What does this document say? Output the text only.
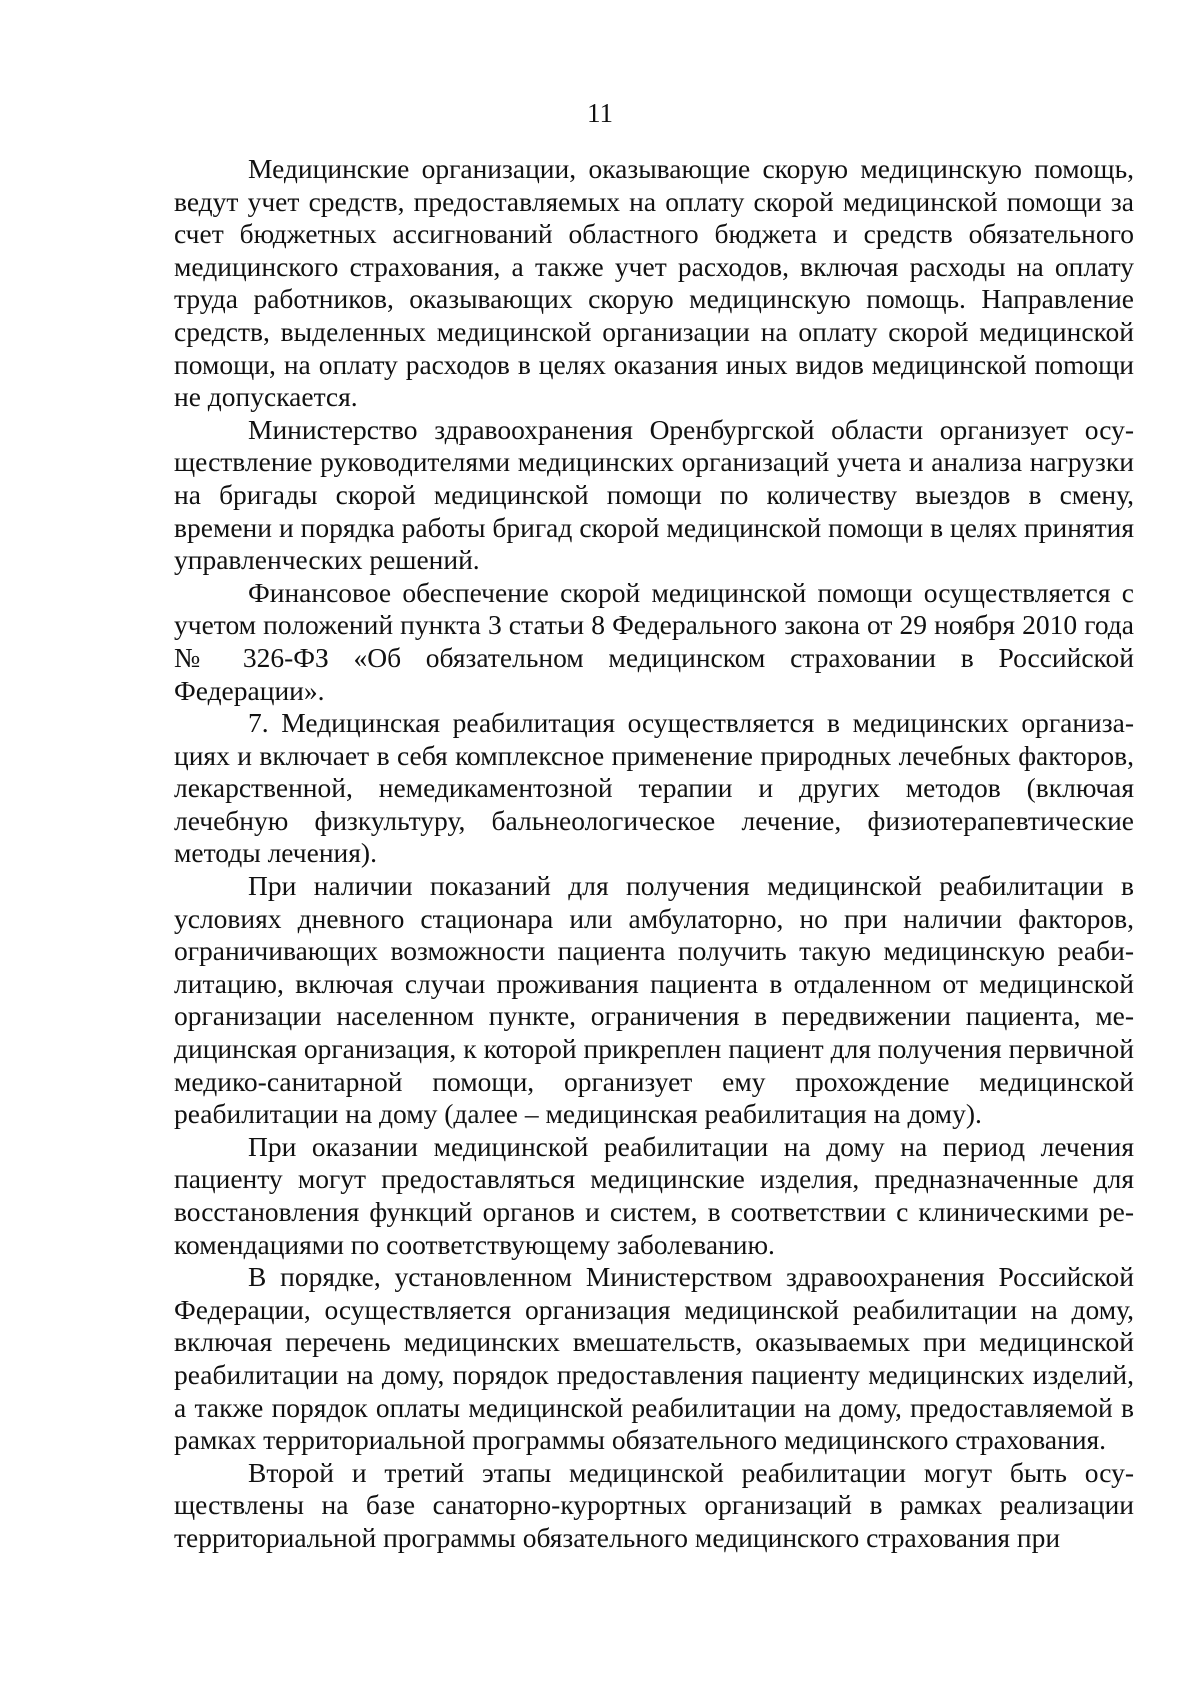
11

Медицинские организации, оказывающие скорую медицинскую помощь, ведут учет средств, предоставляемых на оплату скорой медицинской помощи за счет бюджетных ассигнований областного бюджета и средств обязательного медицинского страхования, а также учет расходов, включая расходы на оплату труда работников, оказывающих скорую медицинскую помощь. Направление средств, выделенных медицинской организации на оплату скорой медицинской помощи, на оплату расходов в целях оказания иных видов медицинской поmощи не допускается.

Министерство здравоохранения Оренбургской области организует осуществление руководителями медицинских организаций учета и анализа нагрузки на бригады скорой медицинской помощи по количеству выездов в смену, времени и порядка работы бригад скорой медицинской помощи в целях принятия управленческих решений.

Финансовое обеспечение скорой медицинской помощи осуществляется с учетом положений пункта 3 статьи 8 Федерального закона от 29 ноября 2010 года № 326-ФЗ «Об обязательном медицинском страховании в Российской Федерации».

7. Медицинская реабилитация осуществляется в медицинских организациях и включает в себя комплексное применение природных лечебных факторов, лекарственной, немедикаментозной терапии и других методов (включая лечебную физкультуру, бальнеологическое лечение, физиотерапевтические методы лечения).

При наличии показаний для получения медицинской реабилитации в условиях дневного стационара или амбулаторно, но при наличии факторов, ограничивающих возможности пациента получить такую медицинскую реабилитацию, включая случаи проживания пациента в отдаленном от медицинской организации населенном пункте, ограничения в передвижении пациента, медицинская организация, к которой прикреплен пациент для получения первичной медико-санитарной помощи, организует ему прохождение медицинской реабилитации на дому (далее – медицинская реабилитация на дому).

При оказании медицинской реабилитации на дому на период лечения пациенту могут предоставляться медицинские изделия, предназначенные для восстановления функций органов и систем, в соответствии с клиническими рекомендациями по соответствующему заболеванию.

В порядке, установленном Министерством здравоохранения Российской Федерации, осуществляется организация медицинской реабилитации на дому, включая перечень медицинских вмешательств, оказываемых при медицинской реабилитации на дому, порядок предоставления пациенту медицинских изделий, а также порядок оплаты медицинской реабилитации на дому, предоставляемой в рамках территориальной программы обязательного медицинского страхования.

Второй и третий этапы медицинской реабилитации могут быть осуществлены на базе санаторно-курортных организаций в рамках реализации территориальной программы обязательного медицинского страхования при
